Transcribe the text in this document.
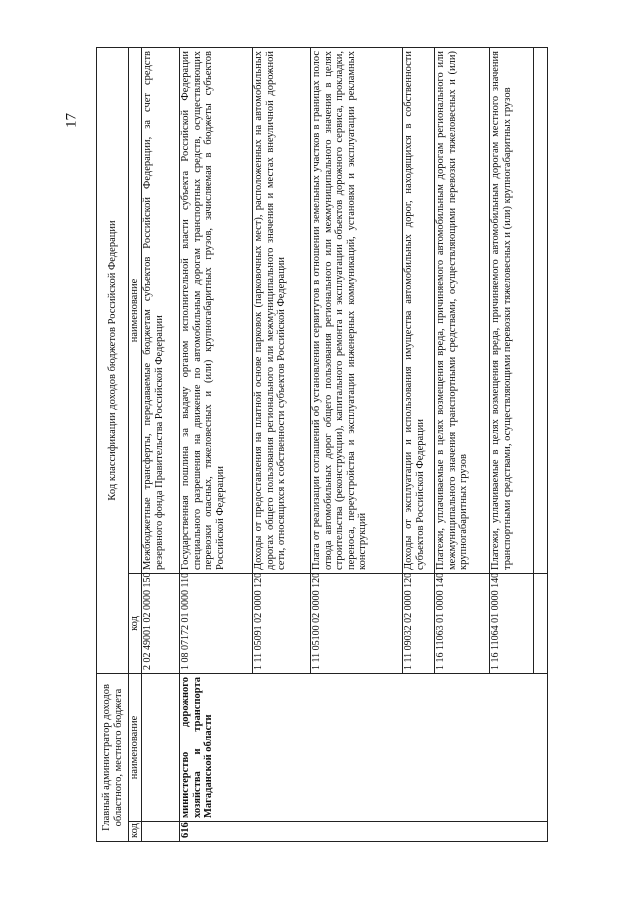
17
Главный администратор доходов областного, местного бюджета		Код классификации доходов бюджетов Российской Федерации	
код	наименование	код	наименование
		2 02 49001 02 0000 150	Межбюджетные трансферты, передаваемые бюджетам субъектов Российской Федерации, за счет средств резервного фонда Правительства Российской Федерации
616	министерство дорожного хозяйства и транспорта Магаданской области	1 08 07172 01 0000 110	Государственная пошлина за выдачу органом исполнительной власти субъекта Российской Федерации специального разрешения на движение по автомобильным дорогам транспортных средств, осуществляющих перевозки опасных, тяжеловесных и (или) крупногабаритных грузов, зачисляемая в бюджеты субъектов Российской Федерации
		1 11 05091 02 0000 120	Доходы от предоставления на платной основе парковок (парковочных мест), расположенных на автомобильных дорогах общего пользования регионального или межмуниципального значения и местах внеуличной дорожной сети, относящихся к собственности субъектов Российской Федерации
		1 11 05100 02 0000 120	Плата от реализации соглашений об установлении сервитутов в отношении земельных участков в границах полос отвода автомобильных дорог общего пользования регионального или межмуниципального значения в целях строительства (реконструкции), капитального ремонта и эксплуатации объектов дорожного сервиса, прокладки, переноса, переустройства и эксплуатации инженерных коммуникаций, установки и эксплуатации рекламных конструкций
		1 11 09032 02 0000 120	Доходы от эксплуатации и использования имущества автомобильных дорог, находящихся в собственности субъектов Российской Федерации
		1 16 11063 01 0000 140	Платежи, уплачиваемые в целях возмещения вреда, причиняемого автомобильным дорогам регионального или межмуниципального значения транспортными средствами, осуществляющими перевозки тяжеловесных и (или) крупногабаритных грузов
		1 16 11064 01 0000 140	Платежи, уплачиваемые в целях возмещения вреда, причиняемого автомобильным дорогам местного значения транспортными средствами, осуществляющими перевозки тяжеловесных и (или) крупногабаритных грузов
